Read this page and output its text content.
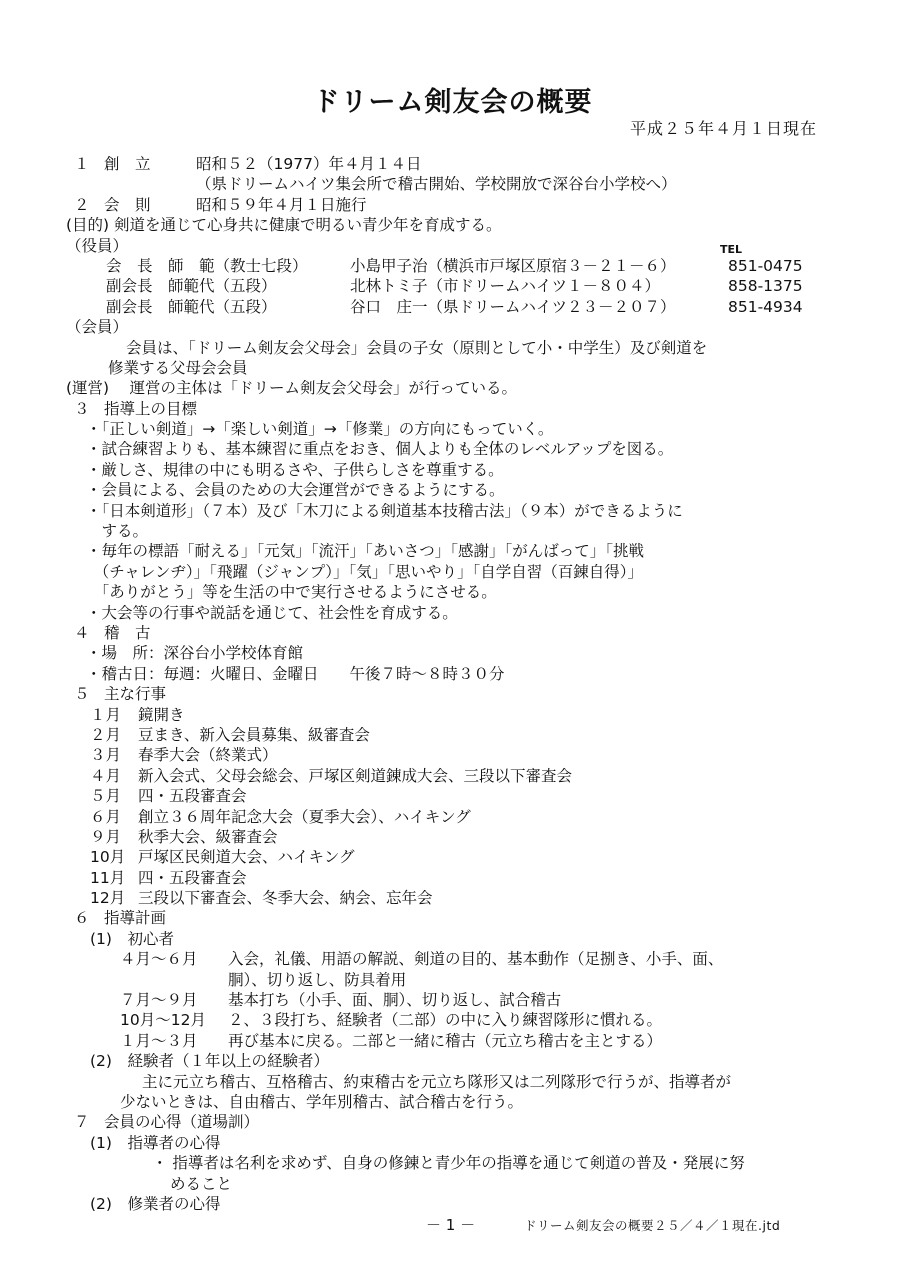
ドリーム剣友会の概要
平成２５年４月１日現在
１ 創　立	昭和５２（1977）年４月１４日
（県ドリームハイツ集会所で稽古開始、学校開放で深谷台小学校へ）
２ 会　則	昭和５９年４月１日施行
(目的) 剣道を通じて心身共に健康で明るい青少年を育成する。
（役員）	TEL
会　長　師　範（教士七段）	小島甲子治（横浜市戸塚区原宿３－２１－６）	851-0475
副会長　師範代（五段）	北林トミ子（市ドリームハイツ１－８０４）	858-1375
副会長　師範代（五段）	谷口　庄一（県ドリームハイツ２３－２０７）	851-4934
（会員）
会員は、「ドリーム剣友会父母会」会員の子女（原則として小・中学生）及び剣道を
修業する父母会会員
(運営)　 運営の主体は「ドリーム剣友会父母会」が行っている。
３ 指導上の目標
・「正しい剣道」→「楽しい剣道」→「修業」の方向にもっていく。
・試合練習よりも、基本練習に重点をおき、個人よりも全体のレベルアップを図る。
・厳しさ、規律の中にも明るさや、子供らしさを尊重する。
・会員による、会員のための大会運営ができるようにする。
・「日本剣道形」（７本）及び「木刀による剣道基本技稽古法」（９本）ができるように
　する。
・毎年の標語「耐える」「元気」「流汗」「あいさつ」「感謝」「がんばって」「挑戦
　（チャレンヂ）」「飛躍（ジャンプ）」「気」「思いやり」「自学自習（百錬自得）」
　「ありがとう」等を生活の中で実行させるようにさせる。
・大会等の行事や説話を通じて、社会性を育成する。
４ 稽　古
・場　所：深谷台小学校体育館
・稽古日：毎週：火曜日、金曜日　　午後７時～８時３０分
５ 主な行事
１月 鏡開き
２月 豆まき、新入会員募集、級審査会
３月 春季大会（終業式）
４月 新入会式、父母会総会、戸塚区剣道錬成大会、三段以下審査会
５月 四・五段審査会
６月 創立３６周年記念大会（夏季大会）、ハイキング
９月 秋季大会、級審査会
10月 戸塚区民剣道大会、ハイキング
11月 四・五段審査会
12月 三段以下審査会、冬季大会、納会、忘年会
６ 指導計画
(1)　初心者
４月～６月 入会，礼儀、用語の解説、剣道の目的、基本動作（足捌き、小手、面、
胴）、切り返し、防具着用
７月～９月 基本打ち（小手、面、胴）、切り返し、試合稽古
10月～12月 ２、３段打ち、経験者（二部）の中に入り練習隊形に慣れる。
１月～３月 再び基本に戻る。二部と一緒に稽古（元立ち稽古を主とする）
(2)　経験者（１年以上の経験者）
主に元立ち稽古、互格稽古、約束稽古を元立ち隊形又は二列隊形で行うが、指導者が
少ないときは、自由稽古、学年別稽古、試合稽古を行う。
７ 会員の心得（道場訓）
(1)　指導者の心得
・ 指導者は名利を求めず、自身の修錬と青少年の指導を通じて剣道の普及・発展に努
めること
(2)　修業者の心得
－ 1 －	ドリーム剣友会の概要２５／４／１現在.jtd
